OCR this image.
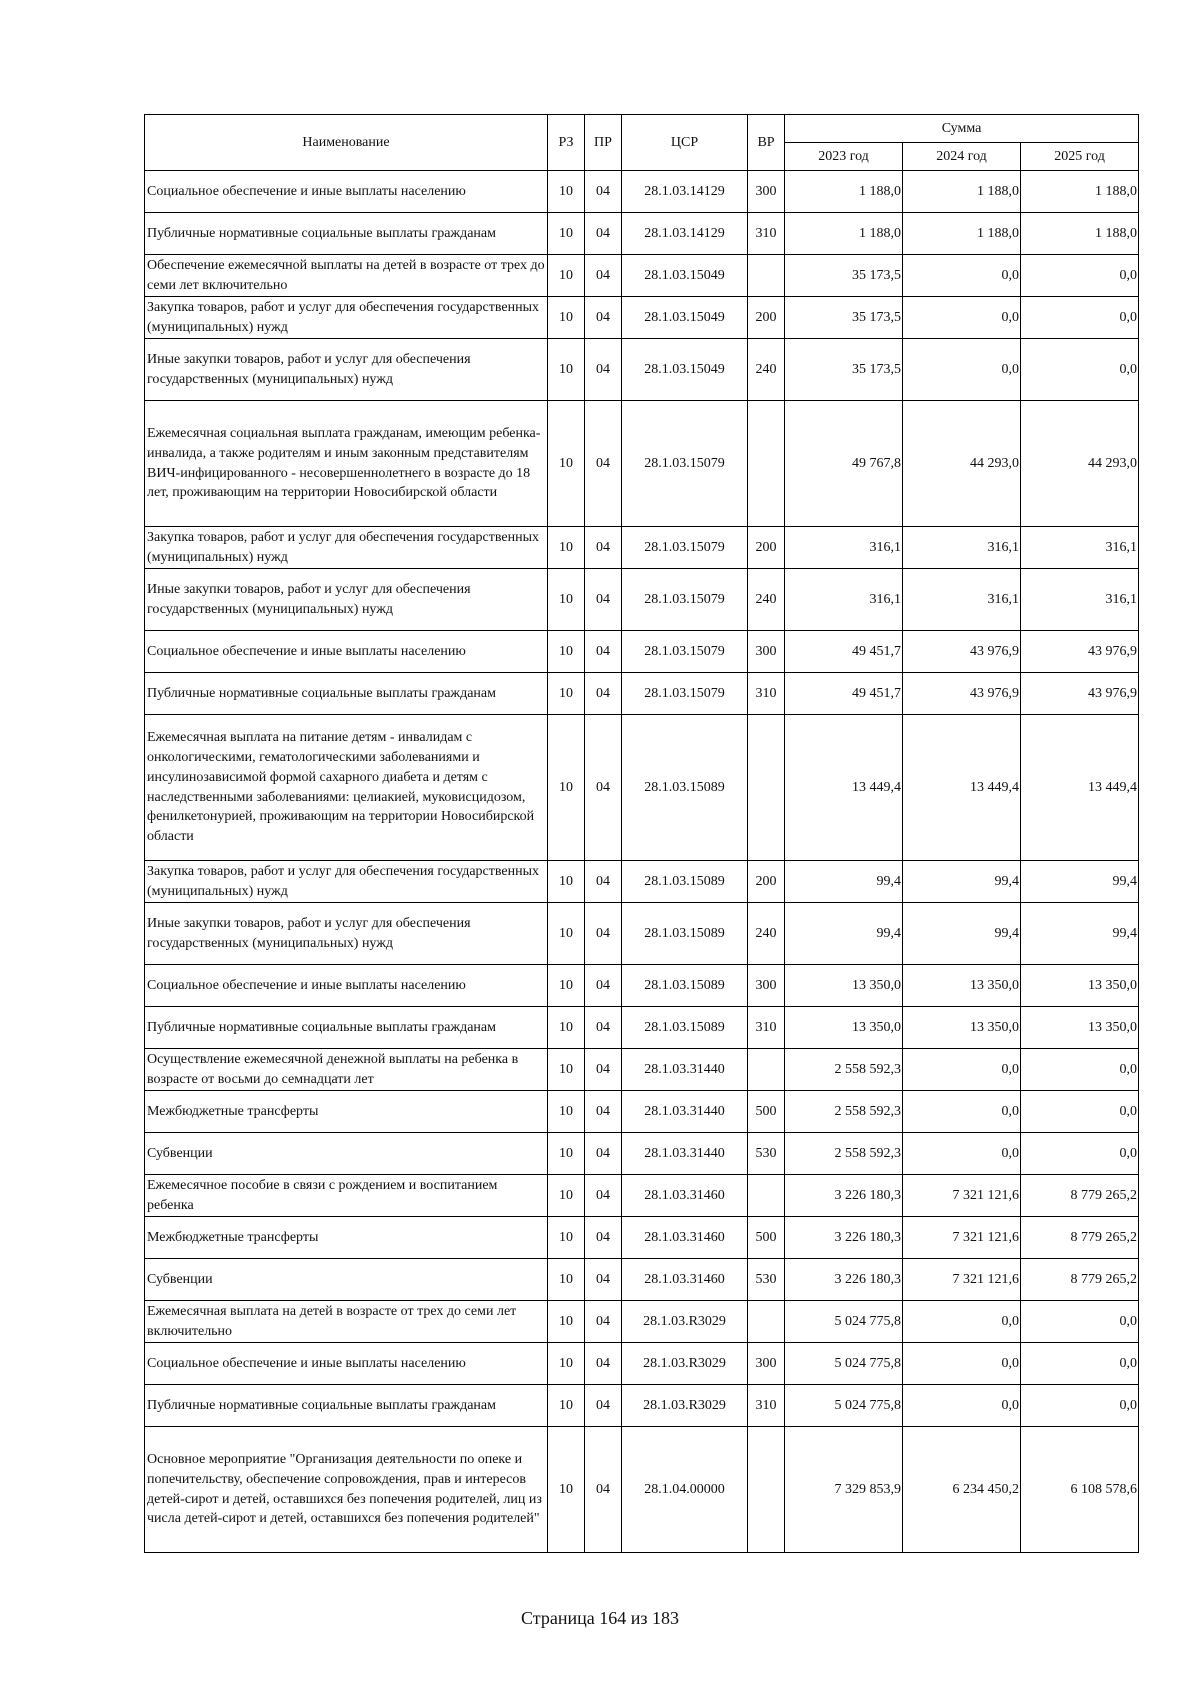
Наименование	РЗ	ПР	ЦСР	ВР	Сумма		
					2023 год	2024 год	2025 год
Социальное обеспечение и иные выплаты населению	10	04	28.1.03.14129	300	1 188,0	1 188,0	1 188,0
Публичные нормативные социальные выплаты гражданам	10	04	28.1.03.14129	310	1 188,0	1 188,0	1 188,0
Обеспечение ежемесячной выплаты на детей в возрасте от трех до семи лет включительно	10	04	28.1.03.15049		35 173,5	0,0	0,0
Закупка товаров, работ и услуг для обеспечения государственных (муниципальных) нужд	10	04	28.1.03.15049	200	35 173,5	0,0	0,0
Иные закупки товаров, работ и услуг для обеспечения государственных (муниципальных) нужд	10	04	28.1.03.15049	240	35 173,5	0,0	0,0
Ежемесячная социальная выплата гражданам, имеющим ребенка-инвалида, а также родителям и иным законным представителям ВИЧ-инфицированного - несовершеннолетнего в возрасте до 18 лет, проживающим на территории Новосибирской области	10	04	28.1.03.15079		49 767,8	44 293,0	44 293,0
Закупка товаров, работ и услуг для обеспечения государственных (муниципальных) нужд	10	04	28.1.03.15079	200	316,1	316,1	316,1
Иные закупки товаров, работ и услуг для обеспечения государственных (муниципальных) нужд	10	04	28.1.03.15079	240	316,1	316,1	316,1
Социальное обеспечение и иные выплаты населению	10	04	28.1.03.15079	300	49 451,7	43 976,9	43 976,9
Публичные нормативные социальные выплаты гражданам	10	04	28.1.03.15079	310	49 451,7	43 976,9	43 976,9
Ежемесячная выплата на питание детям - инвалидам с онкологическими, гематологическими заболеваниями и инсулинозависимой формой сахарного диабета и детям с наследственными заболеваниями: целиакией, муковисцидозом, фенилкетонурией, проживающим на территории Новосибирской области	10	04	28.1.03.15089		13 449,4	13 449,4	13 449,4
Закупка товаров, работ и услуг для обеспечения государственных (муниципальных) нужд	10	04	28.1.03.15089	200	99,4	99,4	99,4
Иные закупки товаров, работ и услуг для обеспечения государственных (муниципальных) нужд	10	04	28.1.03.15089	240	99,4	99,4	99,4
Социальное обеспечение и иные выплаты населению	10	04	28.1.03.15089	300	13 350,0	13 350,0	13 350,0
Публичные нормативные социальные выплаты гражданам	10	04	28.1.03.15089	310	13 350,0	13 350,0	13 350,0
Осуществление ежемесячной денежной выплаты на ребенка в возрасте от восьми до семнадцати лет	10	04	28.1.03.31440		2 558 592,3	0,0	0,0
Межбюджетные трансферты	10	04	28.1.03.31440	500	2 558 592,3	0,0	0,0
Субвенции	10	04	28.1.03.31440	530	2 558 592,3	0,0	0,0
Ежемесячное пособие в связи с рождением и воспитанием ребенка	10	04	28.1.03.31460		3 226 180,3	7 321 121,6	8 779 265,2
Межбюджетные трансферты	10	04	28.1.03.31460	500	3 226 180,3	7 321 121,6	8 779 265,2
Субвенции	10	04	28.1.03.31460	530	3 226 180,3	7 321 121,6	8 779 265,2
Ежемесячная выплата на детей в возрасте от трех до семи лет включительно	10	04	28.1.03.R3029		5 024 775,8	0,0	0,0
Социальное обеспечение и иные выплаты населению	10	04	28.1.03.R3029	300	5 024 775,8	0,0	0,0
Публичные нормативные социальные выплаты гражданам	10	04	28.1.03.R3029	310	5 024 775,8	0,0	0,0
Основное мероприятие "Организация деятельности по опеке и попечительству, обеспечение сопровождения, прав и интересов детей-сирот и детей, оставшихся без попечения родителей, лиц из числа детей-сирот и детей, оставшихся без попечения родителей"	10	04	28.1.04.00000		7 329 853,9	6 234 450,2	6 108 578,6
Страница 164 из 183
